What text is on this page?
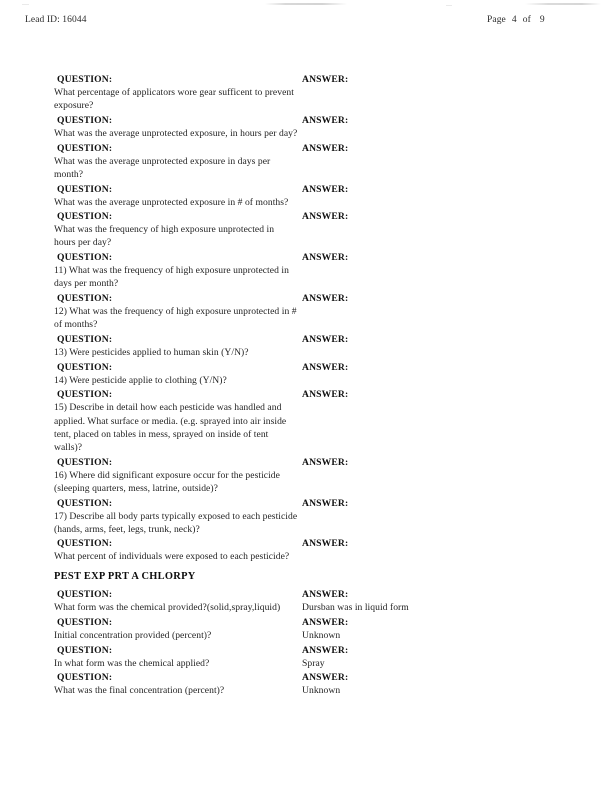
Lead ID: 16044	Page 4 of 9
QUESTION:
What percentage of applicators wore gear sufficent to prevent exposure?
ANSWER:
QUESTION:
What was the average unprotected exposure, in hours per day?
ANSWER:
QUESTION:
What was the average unprotected exposure in days per month?
ANSWER:
QUESTION:
What was the average unprotected exposure in # of months?
ANSWER:
QUESTION:
What was the frequency of high exposure unprotected in hours per day?
ANSWER:
QUESTION:
11) What was the frequency of high exposure unprotected in days per month?
ANSWER:
QUESTION:
12) What was the frequency of high exposure unprotected in # of months?
ANSWER:
QUESTION:
13) Were pesticides applied to human skin (Y/N)?
ANSWER:
QUESTION:
14) Were pesticide applie to clothing (Y/N)?
ANSWER:
QUESTION:
15) Describe in detail how each pesticide was handled and applied. What surface or media. (e.g. sprayed into air inside tent, placed on tables in mess, sprayed on inside of tent walls)?
ANSWER:
QUESTION:
16) Where did significant exposure occur for the pesticide (sleeping quarters, mess, latrine, outside)?
ANSWER:
QUESTION:
17) Describe all body parts typically exposed to each pesticide (hands, arms, feet, legs, trunk, neck)?
ANSWER:
QUESTION:
What percent of individuals were exposed to each pesticide?
ANSWER:
PEST EXP PRT A CHLORPY
QUESTION:
What form was the chemical provided?(solid,spray,liquid)
ANSWER:
Dursban was in liquid form
QUESTION:
Initial concentration provided (percent)?
ANSWER:
Unknown
QUESTION:
In what form was the chemical applied?
ANSWER:
Spray
QUESTION:
What was the final concentration (percent)?
ANSWER:
Unknown
